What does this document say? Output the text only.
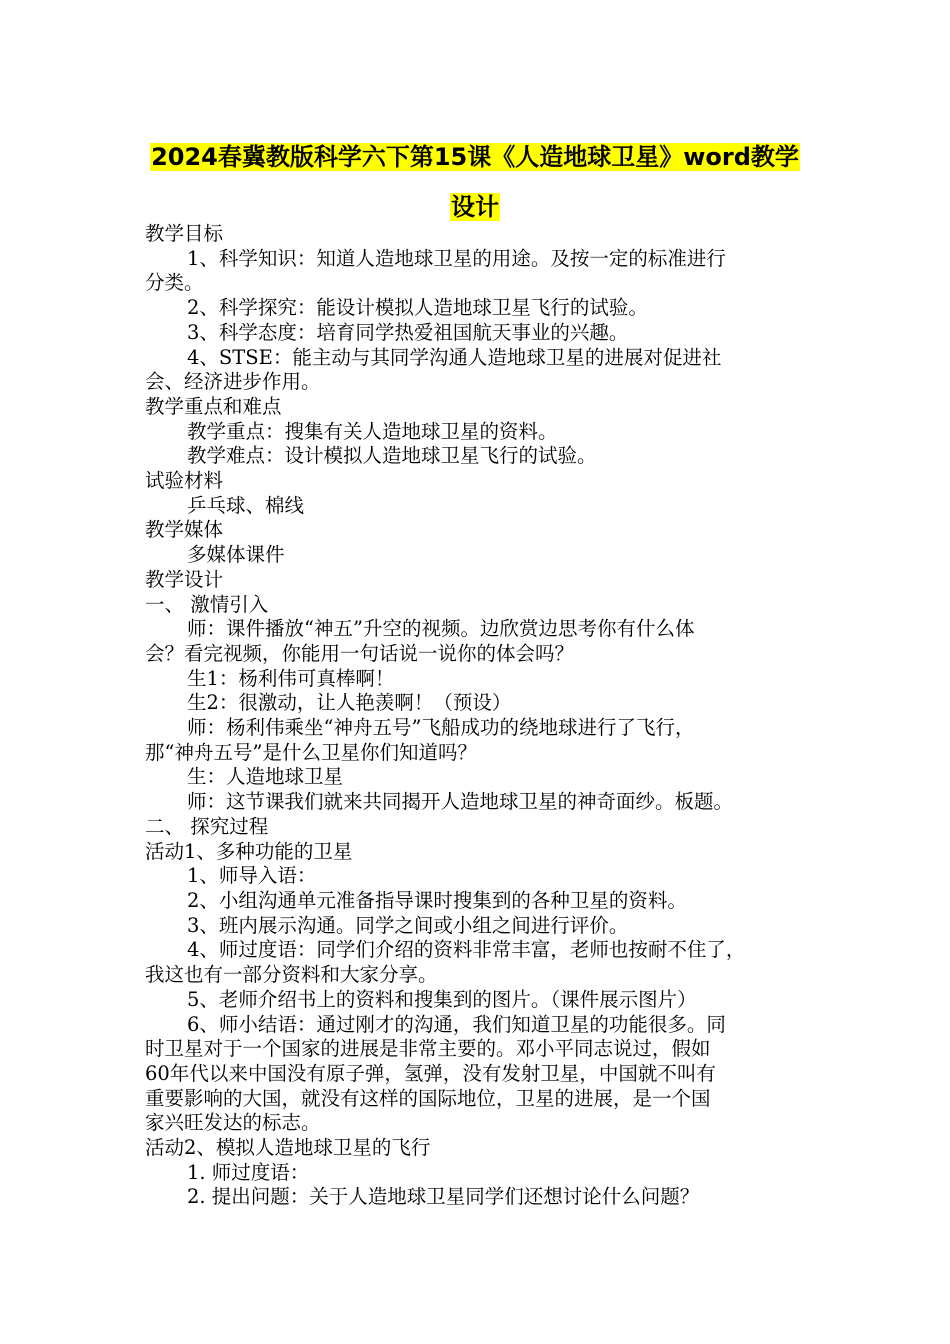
2024春冀教版科学六下第15课《人造地球卫星》word教学
设计

教学目标

1、科学知识：知道人造地球卫星的用途。及按一定的标准进行

分类。

2、科学探究：能设计模拟人造地球卫星飞行的试验。

3、科学态度：培育同学热爱祖国航天事业的兴趣。

4、STSE：能主动与其同学沟通人造地球卫星的进展对促进社

会、经济进步作用。

教学重点和难点

教学重点：搜集有关人造地球卫星的资料。

教学难点：设计模拟人造地球卫星飞行的试验。

试验材料

乒乓球、棉线

教学媒体

多媒体课件

教学设计

一、 激情引入

师：课件播放“神五”升空的视频。边欣赏边思考你有什么体

会？看完视频，你能用一句话说一说你的体会吗？

生1：杨利伟可真棒啊！

生2：很激动，让人艳羡啊！（预设）

师：杨利伟乘坐“神舟五号”飞船成功的绕地球进行了飞行，

那“神舟五号”是什么卫星你们知道吗？

生：人造地球卫星

师：这节课我们就来共同揭开人造地球卫星的神奇面纱。板题。

二、 探究过程

活动1、多种功能的卫星

1、师导入语：

2、小组沟通单元准备指导课时搜集到的各种卫星的资料。

3、班内展示沟通。同学之间或小组之间进行评价。

4、师过度语：同学们介绍的资料非常丰富，老师也按耐不住了，

我这也有一部分资料和大家分享。

5、老师介绍书上的资料和搜集到的图片。（课件展示图片）

6、师小结语：通过刚才的沟通，我们知道卫星的功能很多。同

时卫星对于一个国家的进展是非常主要的。邓小平同志说过，假如

60年代以来中国没有原子弹，氢弹，没有发射卫星，中国就不叫有

重要影响的大国，就没有这样的国际地位，卫星的进展，是一个国

家兴旺发达的标志。

活动2、模拟人造地球卫星的飞行

1. 师过度语：

2. 提出问题：关于人造地球卫星同学们还想讨论什么问题？
